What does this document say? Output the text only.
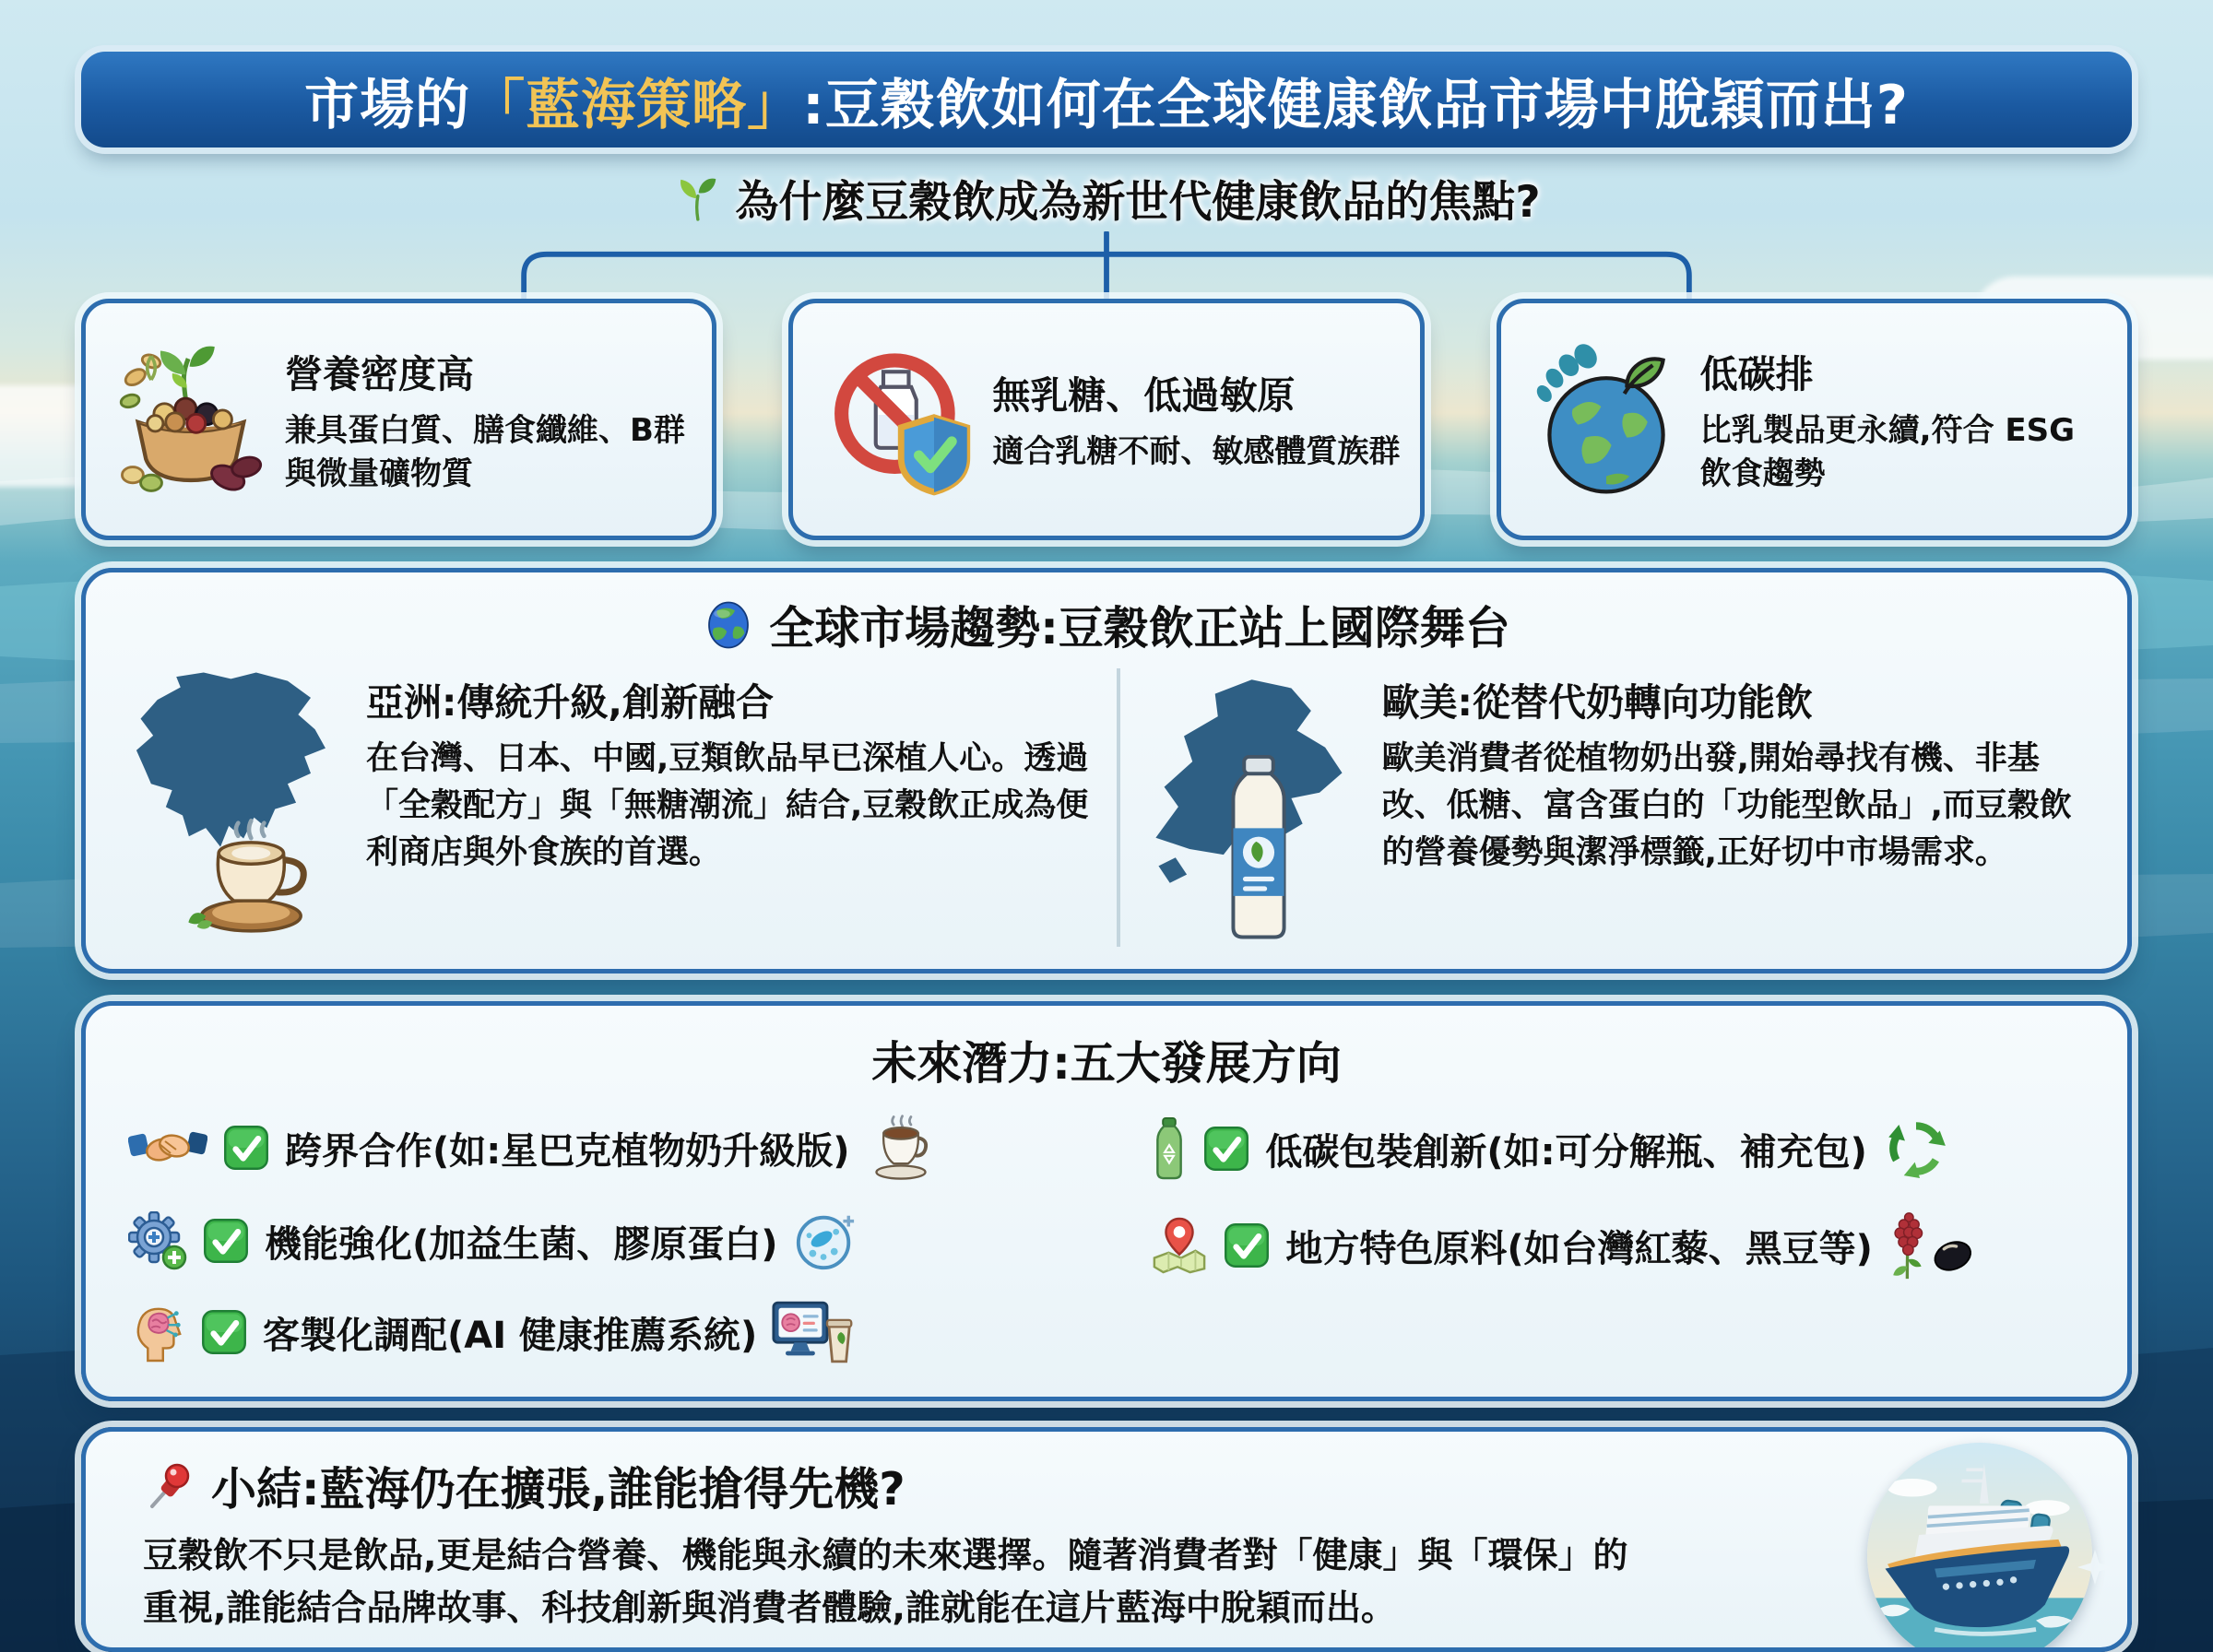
市場的 「藍海策略」 :豆穀飲如何在全球健康飲品市場中脫穎而出?
為什麼豆穀飲成為新世代健康飲品的焦點?
營養密度高
兼具蛋白質、膳食纖維、B群與微量礦物質
無乳糖、低過敏原
適合乳糖不耐、敏感體質族群
低碳排
比乳製品更永續,符合 ESG 飲食趨勢
全球市場趨勢:豆穀飲正站上國際舞台
亞洲:傳統升級,創新融合
在台灣、日本、中國,豆類飲品早已深植人心。透過「全穀配方」與「無糖潮流」結合,豆穀飲正成為便利商店與外食族的首選。
歐美:從替代奶轉向功能飲
歐美消費者從植物奶出發,開始尋找有機、非基改、低糖、富含蛋白的「功能型飲品」,而豆穀飲的營養優勢與潔淨標籤,正好切中市場需求。
未來潛力:五大發展方向
跨界合作(如:星巴克植物奶升級版)
機能強化(加益生菌、膠原蛋白)
客製化調配(AI 健康推薦系統)
低碳包裝創新(如:可分解瓶、補充包)
地方特色原料(如台灣紅藜、黑豆等)
小結:藍海仍在擴張,誰能搶得先機?
豆穀飲不只是飲品,更是結合營養、機能與永續的未來選擇。隨著消費者對「健康」與「環保」的重視,誰能結合品牌故事、科技創新與消費者體驗,誰就能在這片藍海中脫穎而出。
